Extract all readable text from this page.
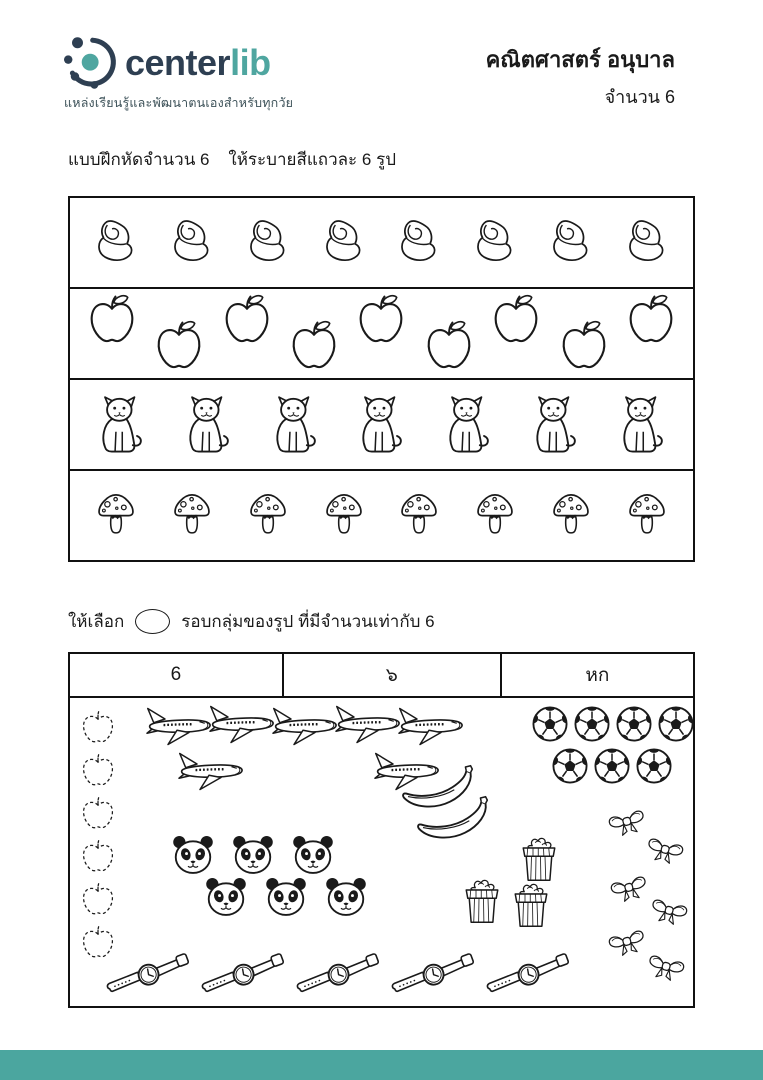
centerlib
แหล่งเรียนรู้และพัฒนาตนเองสำหรับทุกวัย
คณิตศาสตร์ อนุบาล
จำนวน 6
แบบฝึกหัดจำนวน 6    ให้ระบายสีแถวละ 6 รูป
ให้เลือก	รอบกลุ่มของรูป ที่มีจำนวนเท่ากับ 6
6	๖	หก
